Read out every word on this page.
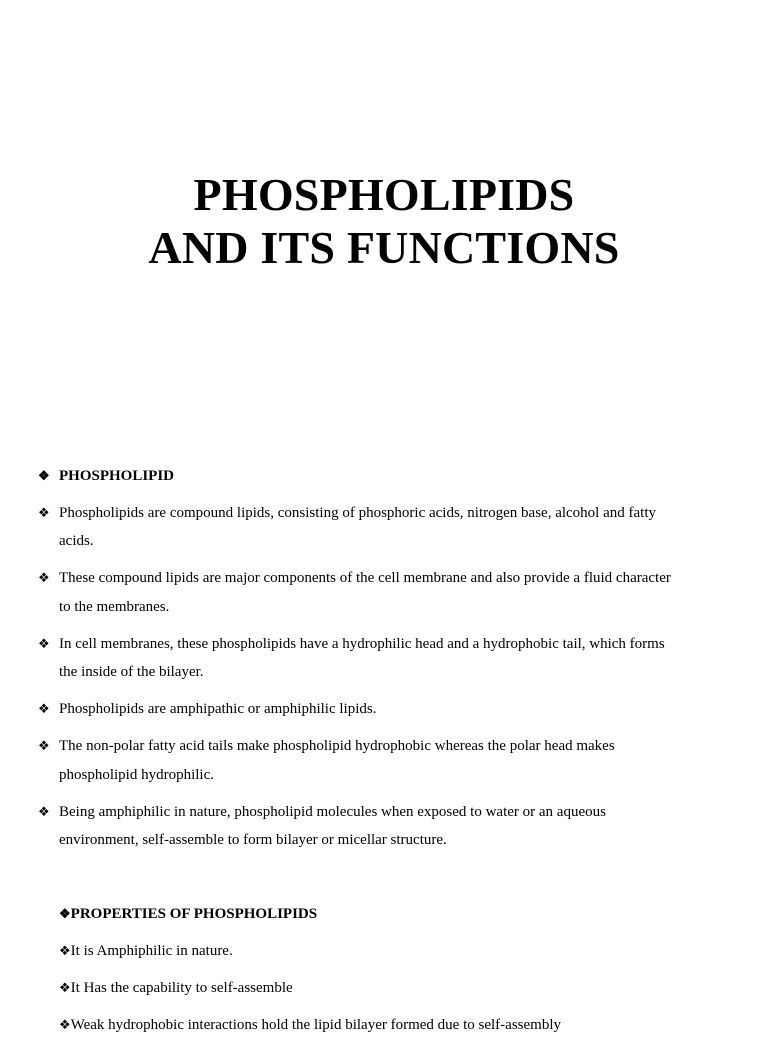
PHOSPHOLIPIDS
AND ITS FUNCTIONS
❖ PHOSPHOLIPID
❖ Phospholipids are compound lipids, consisting of phosphoric acids, nitrogen base, alcohol and fatty acids.
❖ These compound lipids are major components of the cell membrane and also provide a fluid character to the membranes.
❖ In cell membranes, these phospholipids have a hydrophilic head and a hydrophobic tail, which forms the inside of the bilayer.
❖ Phospholipids are amphipathic or amphiphilic lipids.
❖ The non-polar fatty acid tails make phospholipid hydrophobic whereas the polar head makes phospholipid hydrophilic.
❖ Being amphiphilic in nature, phospholipid molecules when exposed to water or an aqueous environment, self-assemble to form bilayer or micellar structure.
❖PROPERTIES OF PHOSPHOLIPIDS
❖It is Amphiphilic in nature.
❖It Has the capability to self-assemble
❖Weak hydrophobic interactions hold the lipid bilayer formed due to self-assembly
